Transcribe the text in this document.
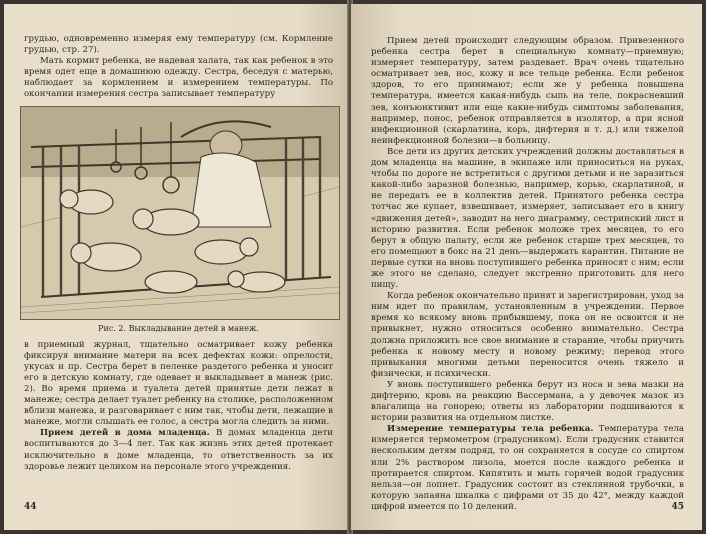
грудью, одновременно измеряя ему температуру (см. Кормление грудью, стр. 27).

Мать кормит ребенка, не надевая халата, так как ребенок в это время одет еще в домашнюю одежду. Сестра, беседуя с матерью, наблюдает за кормлением и измерением температуры. По окончании измерения сестра записывает температуру

Рис. 2. Выкладывание детей в манеж.

в приемный журнал, тщательно осматривает кожу ребенка фиксируя внимание матери на всех дефектах кожи: опрелости, укусах и пр. Сестра берет в пеленке раздетого ребенка и уносит его в детскую комнату, где одевает и выкладывает в манеж (рис. 2). Во время приема и туалета детей принятые дети лежат в манеже; сестра делает туалет ребенку на столике, расположенном вблизи манежа, и разговаривает с ним так, чтобы дети, лежащие в манеже, могли слышать ее голос, а сестра могла следить за ними.

Прием детей в дома младенца. В домах младенца дети воспитываются до 3—4 лет. Так как жизнь этих детей протекает исключительно в доме младенца, то ответственность за их здоровье лежит целиком на персонале этого учреждения.

44

Прием детей происходит следующим образом. Привезенного ребенка сестра берет в специальную комнату—приемную; измеряет температуру, затем раздевает. Врач очень тщательно осматривает зев, нос, кожу и все тельце ребенка. Если ребенок здоров, то его принимают; если же у ребенка повышена температура, имеется какая-нибудь сыпь на теле, покрасневший зев, конъюнктивит или еще какие-нибудь симптомы заболевания, например, понос, ребенок отправляется в изолятор, а при ясной инфекционной (скарлатина, корь, дифтерия и т. д.) или тяжелой неинфекционной болезни—в больницу.

Все дети из других детских учреждений должны доставляться в дом младенца на машине, в экипаже или приноситься на руках, чтобы по дороге не встретиться с другими детьми и не заразиться какой-либо заразной болезнью, например, корью, скарлатиной, и не передать ее в коллектив детей. Принятого ребенка сестра тотчас же купает, взвешивает, измеряет, записывает его в книгу «движения детей», заводит на него диаграмму, сестринский лист и историю развития. Если ребенок моложе трех месяцев, то его берут в общую палату, если же ребенок старше трех месяцев, то его помещают в бокс на 21 день—выдержать карантин. Питание не первые сутки на вновь поступившего ребенка приносят с ним; если же этого не сделано, следует экстренно приготовить для него пищу.

Когда ребенок окончательно принят и зарегистрирован, уход за ним идет по правилам, установленным в учреждении. Первое время ко всякому вновь прибывшему, пока он не освоится и не привыкнет, нужно относиться особенно внимательно. Сестра должна приложить все свое внимание и старание, чтобы приучить ребенка к новому месту и новому режиму; перевод этого привыкания многими детьми переносится очень тяжело и физически, и психически.

У вновь поступившего ребенка берут из носа и зева мазки на дифтерию, кровь на реакцию Вассермана, а у девочек мазок из влагалища на гонорею; ответы из лаборатории подшиваются к истории развития на отдельном листке.

Измерение температуры тела ребенка. Температура тела измеряется термометром (градусником). Если градусник ставится нескольким детям подряд, то он сохраняется в сосуде со спиртом или 2% раствором лизола, моется после каждого ребенка и протирается спиртом. Кипятить и мыть горячей водой градусник нельзя—он лопнет. Градусник состоит из стеклянной трубочки, в которую запаяна шкалка с цифрами от 35 до 42°, между каждой цифрой имеется по 10 делений.	45
